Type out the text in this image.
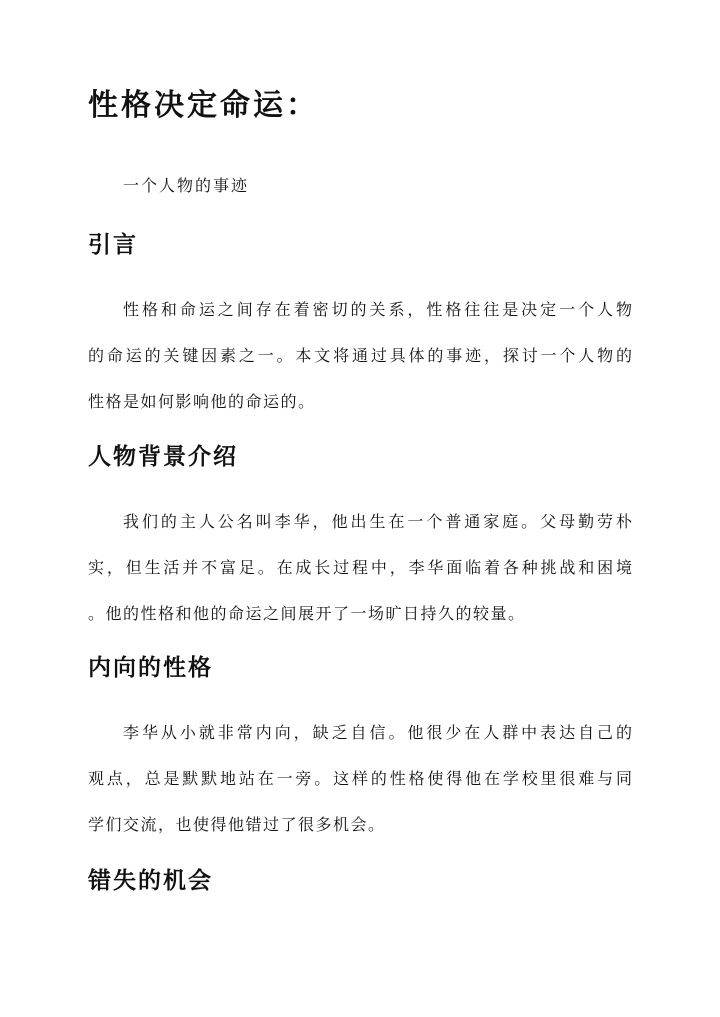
性格决定命运：

一个人物的事迹

引言
性格和命运之间存在着密切的关系，性格往往是决定一个人物
的命运的关键因素之一。本文将通过具体的事迹，探讨一个人物的
性格是如何影响他的命运的。
人物背景介绍
我们的主人公名叫李华，他出生在一个普通家庭。父母勤劳朴
实，但生活并不富足。在成长过程中，李华面临着各种挑战和困境
。他的性格和他的命运之间展开了一场旷日持久的较量。
内向的性格
李华从小就非常内向，缺乏自信。他很少在人群中表达自己的
观点，总是默默地站在一旁。这样的性格使得他在学校里很难与同
学们交流，也使得他错过了很多机会。
错失的机会
